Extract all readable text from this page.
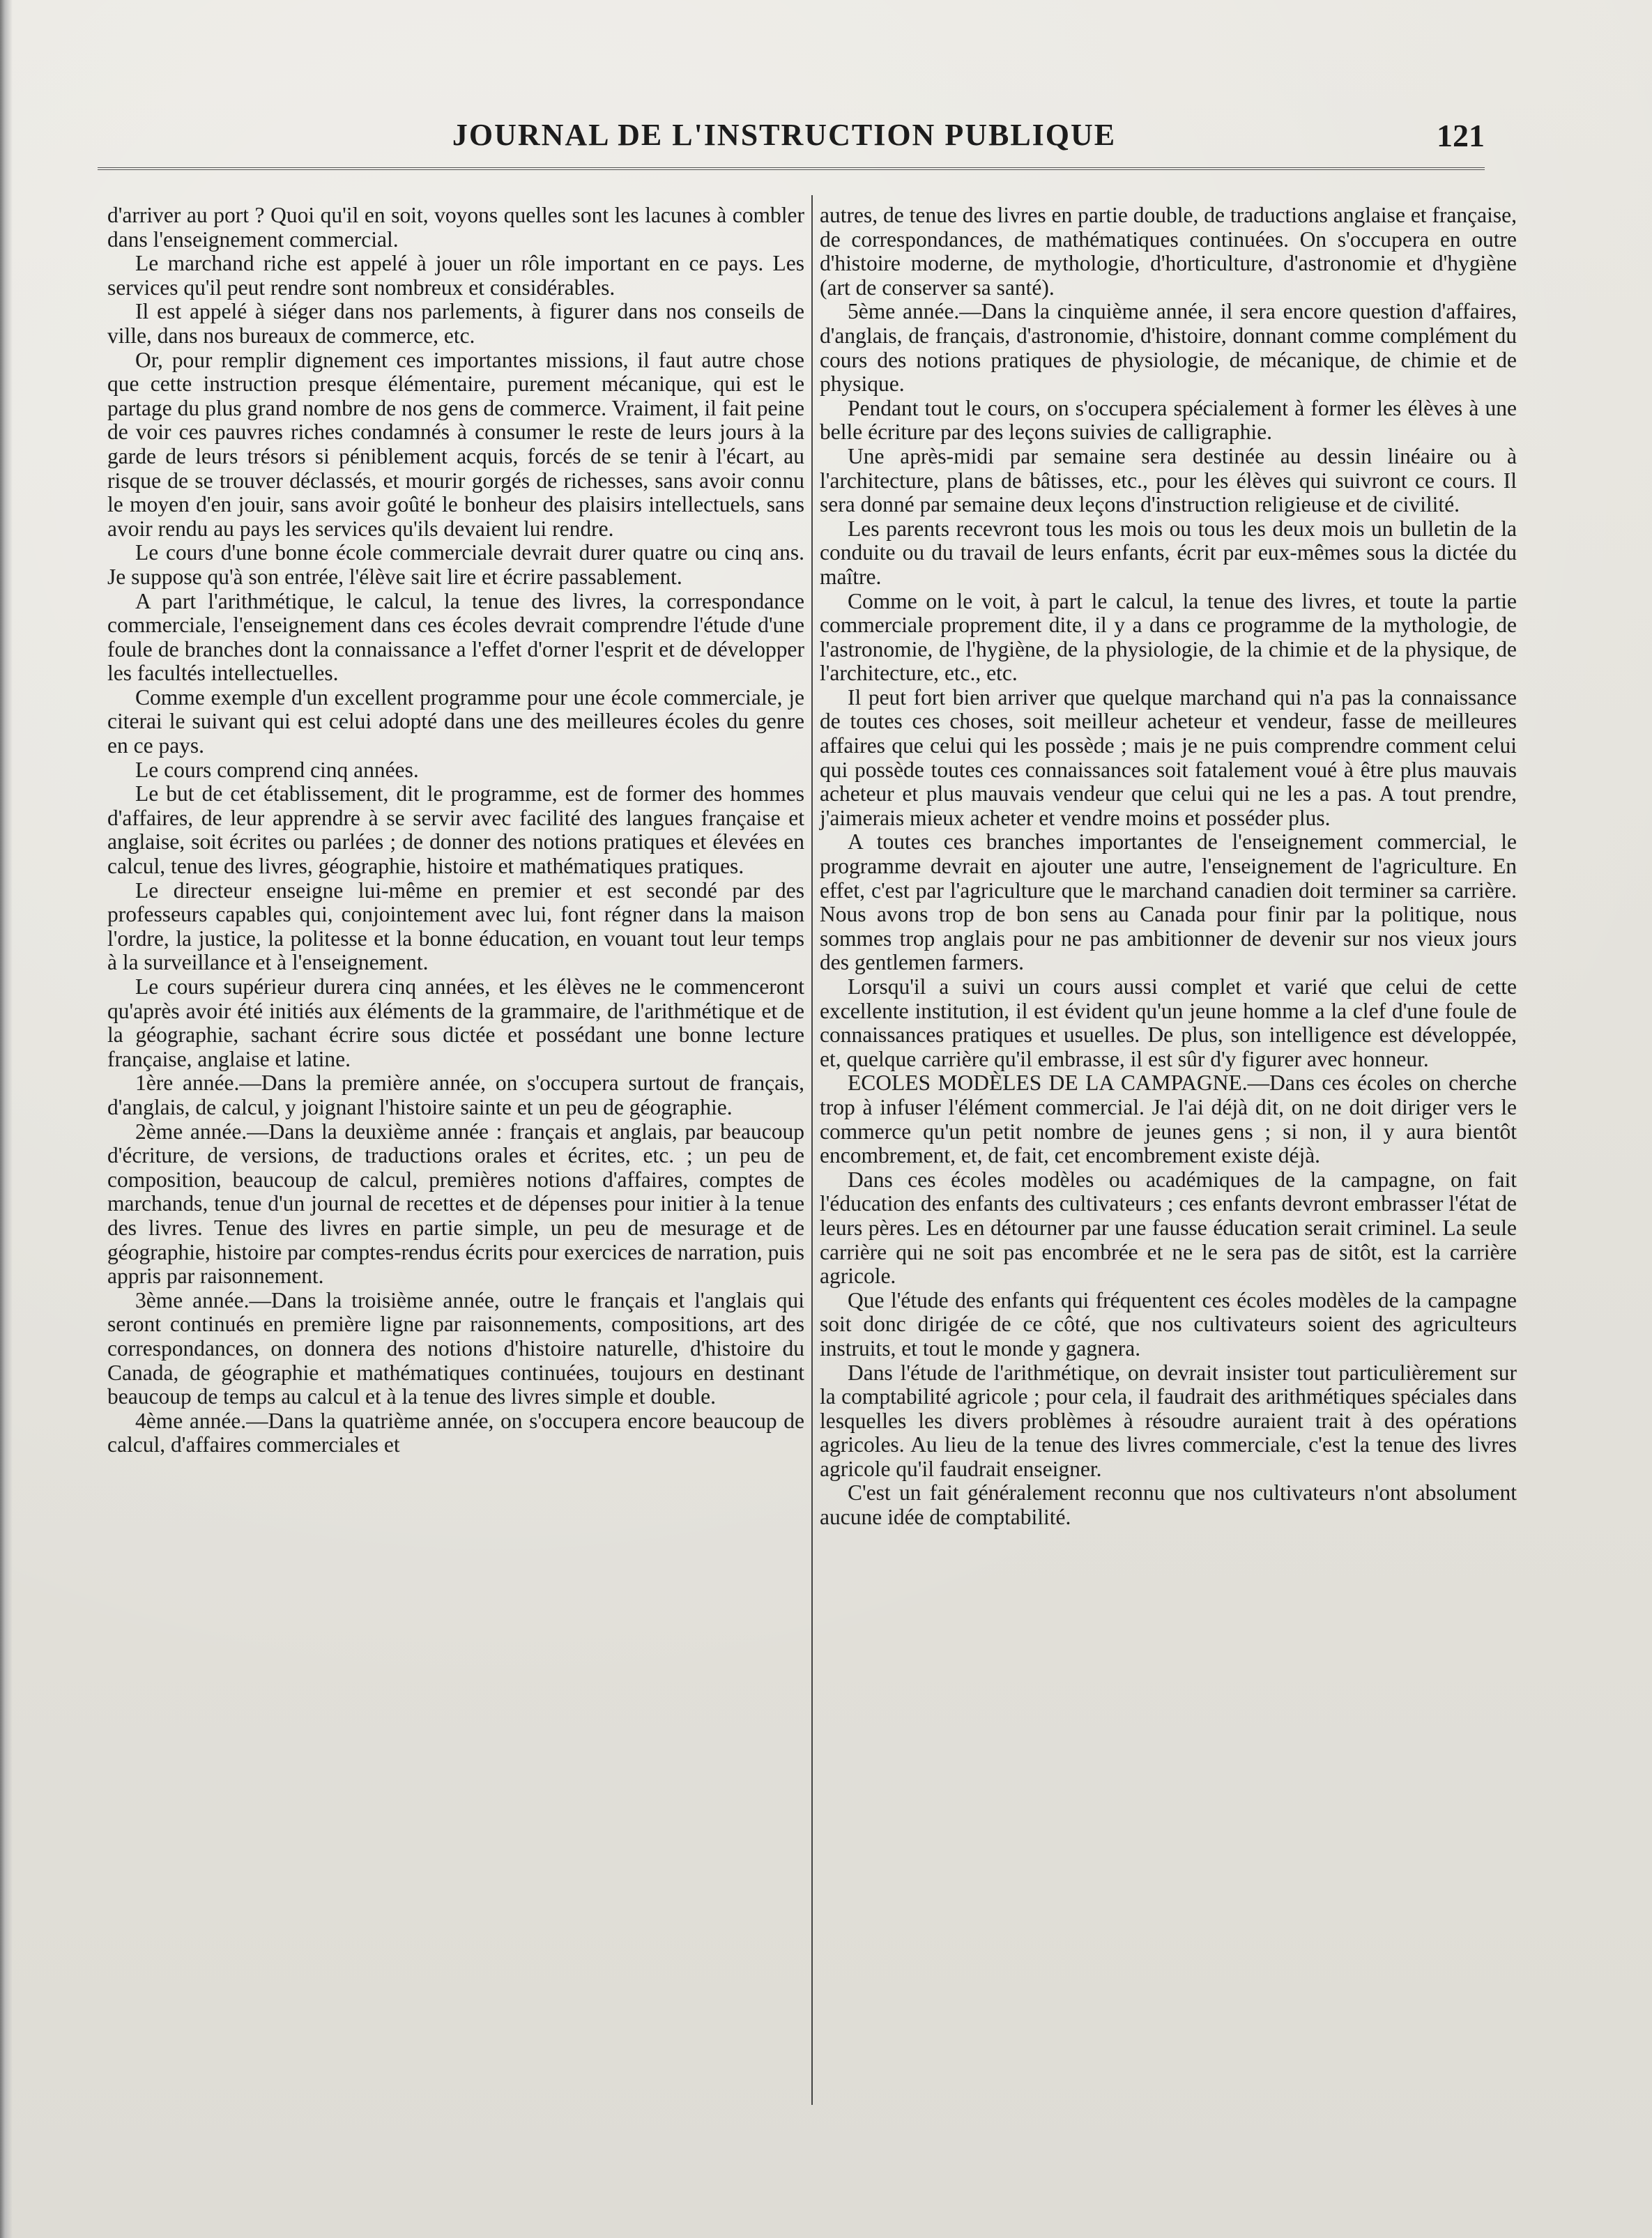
JOURNAL DE L'INSTRUCTION PUBLIQUE	121

d'arriver au port ? Quoi qu'il en soit, voyons quelles sont les lacunes à combler dans l'enseignement commercial.

Le marchand riche est appelé à jouer un rôle important en ce pays. Les services qu'il peut rendre sont nombreux et considérables.

Il est appelé à siéger dans nos parlements, à figurer dans nos conseils de ville, dans nos bureaux de commerce, etc.

Or, pour remplir dignement ces importantes missions, il faut autre chose que cette instruction presque élémentaire, purement mécanique, qui est le partage du plus grand nombre de nos gens de commerce. Vraiment, il fait peine de voir ces pauvres riches condamnés à consumer le reste de leurs jours à la garde de leurs trésors si péniblement acquis, forcés de se tenir à l'écart, au risque de se trouver déclassés, et mourir gorgés de richesses, sans avoir connu le moyen d'en jouir, sans avoir goûté le bonheur des plaisirs intellectuels, sans avoir rendu au pays les services qu'ils devaient lui rendre.

Le cours d'une bonne école commerciale devrait durer quatre ou cinq ans. Je suppose qu'à son entrée, l'élève sait lire et écrire passablement.

A part l'arithmétique, le calcul, la tenue des livres, la correspondance commerciale, l'enseignement dans ces écoles devrait comprendre l'étude d'une foule de branches dont la connaissance a l'effet d'orner l'esprit et de développer les facultés intellectuelles.

Comme exemple d'un excellent programme pour une école commerciale, je citerai le suivant qui est celui adopté dans une des meilleures écoles du genre en ce pays.

Le cours comprend cinq années.

Le but de cet établissement, dit le programme, est de former des hommes d'affaires, de leur apprendre à se servir avec facilité des langues française et anglaise, soit écrites ou parlées ; de donner des notions pratiques et élevées en calcul, tenue des livres, géographie, histoire et mathématiques pratiques.

Le directeur enseigne lui-même en premier et est secondé par des professeurs capables qui, conjointement avec lui, font régner dans la maison l'ordre, la justice, la politesse et la bonne éducation, en vouant tout leur temps à la surveillance et à l'enseignement.

Le cours supérieur durera cinq années, et les élèves ne le commenceront qu'après avoir été initiés aux éléments de la grammaire, de l'arithmétique et de la géographie, sachant écrire sous dictée et possédant une bonne lecture française, anglaise et latine.

1ère année.—Dans la première année, on s'occupera surtout de français, d'anglais, de calcul, y joignant l'histoire sainte et un peu de géographie.

2ème année.—Dans la deuxième année : français et anglais, par beaucoup d'écriture, de versions, de traductions orales et écrites, etc. ; un peu de composition, beaucoup de calcul, premières notions d'affaires, comptes de marchands, tenue d'un journal de recettes et de dépenses pour initier à la tenue des livres. Tenue des livres en partie simple, un peu de mesurage et de géographie, histoire par comptes-rendus écrits pour exercices de narration, puis appris par raisonnement.

3ème année.—Dans la troisième année, outre le français et l'anglais qui seront continués en première ligne par raisonnements, compositions, art des correspondances, on donnera des notions d'histoire naturelle, d'histoire du Canada, de géographie et mathématiques continuées, toujours en destinant beaucoup de temps au calcul et à la tenue des livres simple et double.

4ème année.—Dans la quatrième année, on s'occupera encore beaucoup de calcul, d'affaires commerciales et

autres, de tenue des livres en partie double, de traductions anglaise et française, de correspondances, de mathématiques continuées. On s'occupera en outre d'histoire moderne, de mythologie, d'horticulture, d'astronomie et d'hygiène (art de conserver sa santé).

5ème année.—Dans la cinquième année, il sera encore question d'affaires, d'anglais, de français, d'astronomie, d'histoire, donnant comme complément du cours des notions pratiques de physiologie, de mécanique, de chimie et de physique.

Pendant tout le cours, on s'occupera spécialement à former les élèves à une belle écriture par des leçons suivies de calligraphie.

Une après-midi par semaine sera destinée au dessin linéaire ou à l'architecture, plans de bâtisses, etc., pour les élèves qui suivront ce cours. Il sera donné par semaine deux leçons d'instruction religieuse et de civilité.

Les parents recevront tous les mois ou tous les deux mois un bulletin de la conduite ou du travail de leurs enfants, écrit par eux-mêmes sous la dictée du maître.

Comme on le voit, à part le calcul, la tenue des livres, et toute la partie commerciale proprement dite, il y a dans ce programme de la mythologie, de l'astronomie, de l'hygiène, de la physiologie, de la chimie et de la physique, de l'architecture, etc., etc.

Il peut fort bien arriver que quelque marchand qui n'a pas la connaissance de toutes ces choses, soit meilleur acheteur et vendeur, fasse de meilleures affaires que celui qui les possède ; mais je ne puis comprendre comment celui qui possède toutes ces connaissances soit fatalement voué à être plus mauvais acheteur et plus mauvais vendeur que celui qui ne les a pas. A tout prendre, j'aimerais mieux acheter et vendre moins et posséder plus.

A toutes ces branches importantes de l'enseignement commercial, le programme devrait en ajouter une autre, l'enseignement de l'agriculture. En effet, c'est par l'agriculture que le marchand canadien doit terminer sa carrière. Nous avons trop de bon sens au Canada pour finir par la politique, nous sommes trop anglais pour ne pas ambitionner de devenir sur nos vieux jours des gentlemen farmers.

Lorsqu'il a suivi un cours aussi complet et varié que celui de cette excellente institution, il est évident qu'un jeune homme a la clef d'une foule de connaissances pratiques et usuelles. De plus, son intelligence est développée, et, quelque carrière qu'il embrasse, il est sûr d'y figurer avec honneur.

ECOLES MODÈLES DE LA CAMPAGNE.—Dans ces écoles on cherche trop à infuser l'élément commercial. Je l'ai déjà dit, on ne doit diriger vers le commerce qu'un petit nombre de jeunes gens ; si non, il y aura bientôt encombrement, et, de fait, cet encombrement existe déjà.

Dans ces écoles modèles ou académiques de la campagne, on fait l'éducation des enfants des cultivateurs ; ces enfants devront embrasser l'état de leurs pères. Les en détourner par une fausse éducation serait criminel. La seule carrière qui ne soit pas encombrée et ne le sera pas de sitôt, est la carrière agricole.

Que l'étude des enfants qui fréquentent ces écoles modèles de la campagne soit donc dirigée de ce côté, que nos cultivateurs soient des agriculteurs instruits, et tout le monde y gagnera.

Dans l'étude de l'arithmétique, on devrait insister tout particulièrement sur la comptabilité agricole ; pour cela, il faudrait des arithmétiques spéciales dans lesquelles les divers problèmes à résoudre auraient trait à des opérations agricoles. Au lieu de la tenue des livres commerciale, c'est la tenue des livres agricole qu'il faudrait enseigner.

C'est un fait généralement reconnu que nos cultivateurs n'ont absolument aucune idée de comptabilité.
